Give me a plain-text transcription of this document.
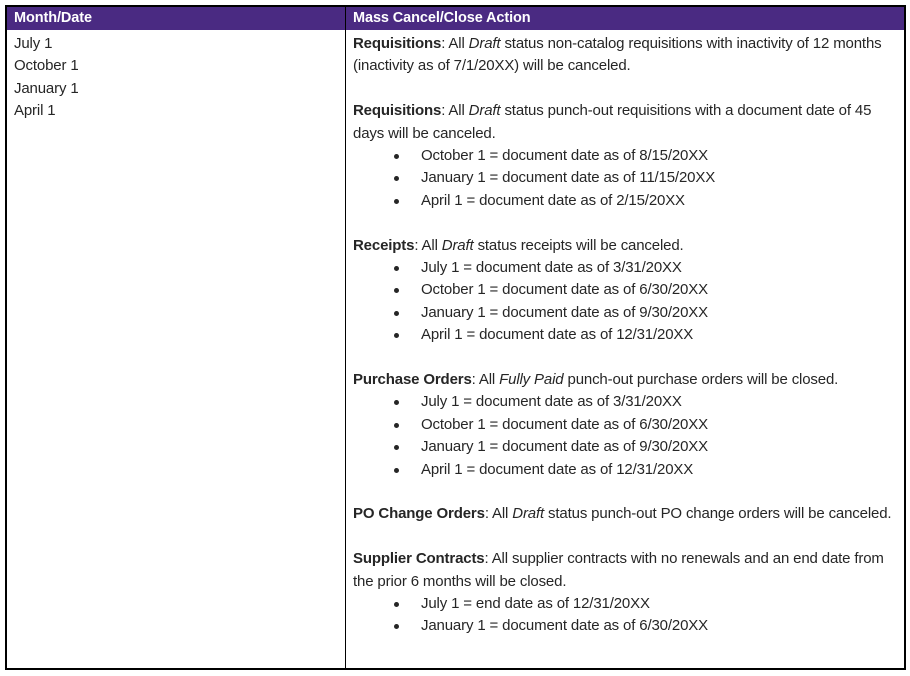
Month/Date	Mass Cancel/Close Action
July 1
October 1
January 1
April 1
Requisitions: All Draft status non-catalog requisitions with inactivity of 12 months (inactivity as of 7/1/20XX) will be canceled.
Requisitions: All Draft status punch-out requisitions with a document date of 45 days will be canceled.
October 1 = document date as of 8/15/20XX
January 1 = document date as of 11/15/20XX
April 1 = document date as of 2/15/20XX
Receipts: All Draft status receipts will be canceled.
July 1 = document date as of 3/31/20XX
October 1 = document date as of 6/30/20XX
January 1 = document date as of 9/30/20XX
April 1 = document date as of 12/31/20XX
Purchase Orders: All Fully Paid punch-out purchase orders will be closed.
July 1 = document date as of 3/31/20XX
October 1 = document date as of 6/30/20XX
January 1 = document date as of 9/30/20XX
April 1 = document date as of 12/31/20XX
PO Change Orders: All Draft status punch-out PO change orders will be canceled.
Supplier Contracts: All supplier contracts with no renewals and an end date from the prior 6 months will be closed.
July 1 = end date as of 12/31/20XX
January 1 = document date as of 6/30/20XX
